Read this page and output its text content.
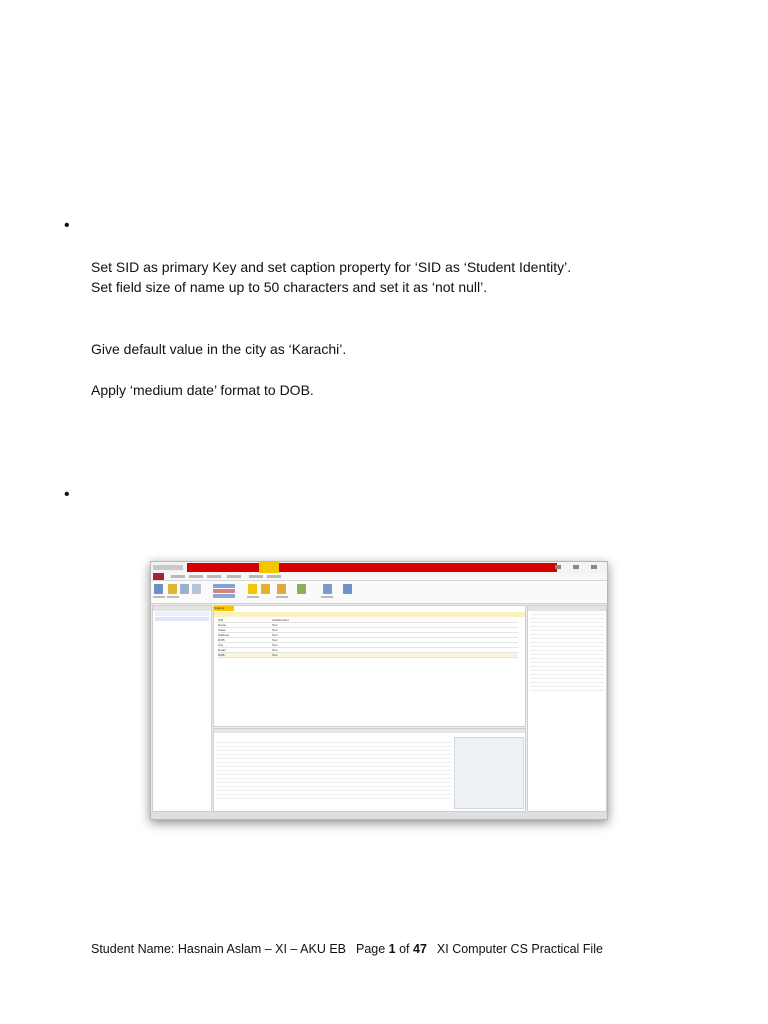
•
Set SID as primary Key and set caption property for ‘SID as ‘Student Identity’.
Set field size of name up to 50 characters and set it as ‘not null’.
Give default value in the city as ‘Karachi’.
Apply ‘medium date’ format to DOB.
•
Student
SID	AutoNumber
Name	Text
Class	Text
Address	Text
DOB	Text
City	Text
Email	Text
DOB	Text
Student Name: Hasnain Aslam – XI – AKU EB Page 1 of 47 XI Computer CS Practical File
